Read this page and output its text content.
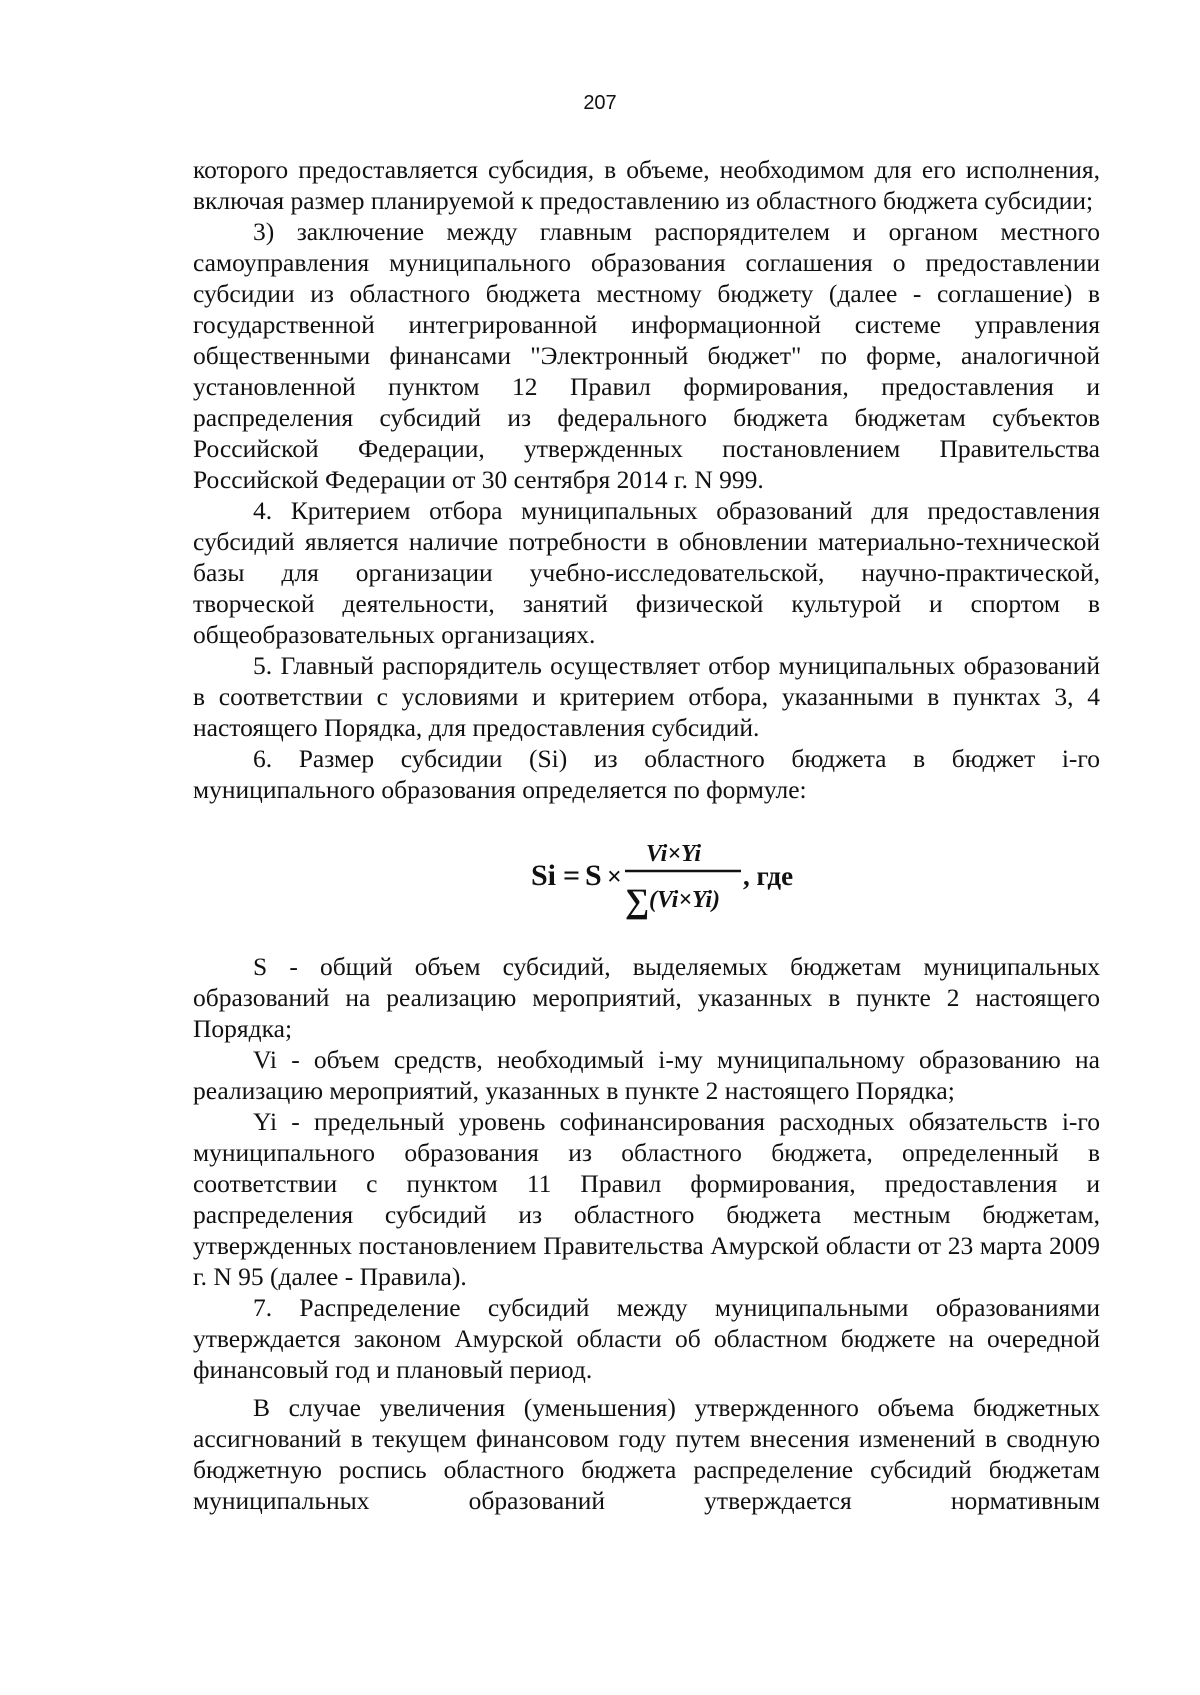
207

которого предоставляется субсидия, в объеме, необходимом для его исполнения, включая размер планируемой к предоставлению из областного бюджета субсидии;

3) заключение между главным распорядителем и органом местного самоуправления муниципального образования соглашения о предоставлении субсидии из областного бюджета местному бюджету (далее - соглашение) в государственной интегрированной информационной системе управления общественными финансами "Электронный бюджет" по форме, аналогичной установленной пунктом 12 Правил формирования, предоставления и распределения субсидий из федерального бюджета бюджетам субъектов Российской Федерации, утвержденных постановлением Правительства Российской Федерации от 30 сентября 2014 г. N 999.

4. Критерием отбора муниципальных образований для предоставления субсидий является наличие потребности в обновлении материально-технической базы для организации учебно-исследовательской, научно-практической, творческой деятельности, занятий физической культурой и спортом в общеобразовательных организациях.

5. Главный распорядитель осуществляет отбор муниципальных образований в соответствии с условиями и критерием отбора, указанными в пунктах 3, 4 настоящего Порядка, для предоставления субсидий.

6. Размер субсидии (Si) из областного бюджета в бюджет i-го муниципального образования определяется по формуле:

Si = S ×
Vi×Yi
∑ (Vi×Yi)
, где

S - общий объем субсидий, выделяемых бюджетам муниципальных образований на реализацию мероприятий, указанных в пункте 2 настоящего Порядка;

Vi - объем средств, необходимый i-му муниципальному образованию на реализацию мероприятий, указанных в пункте 2 настоящего Порядка;

Yi - предельный уровень софинансирования расходных обязательств i-го муниципального образования из областного бюджета, определенный в соответствии с пунктом 11 Правил формирования, предоставления и распределения субсидий из областного бюджета местным бюджетам, утвержденных постановлением Правительства Амурской области от 23 марта 2009 г. N 95 (далее - Правила).

7. Распределение субсидий между муниципальными образованиями утверждается законом Амурской области об областном бюджете на очередной финансовый год и плановый период.

В случае увеличения (уменьшения) утвержденного объема бюджетных ассигнований в текущем финансовом году путем внесения изменений в сводную бюджетную роспись областного бюджета распределение субсидий бюджетам муниципальных образований утверждается нормативным
